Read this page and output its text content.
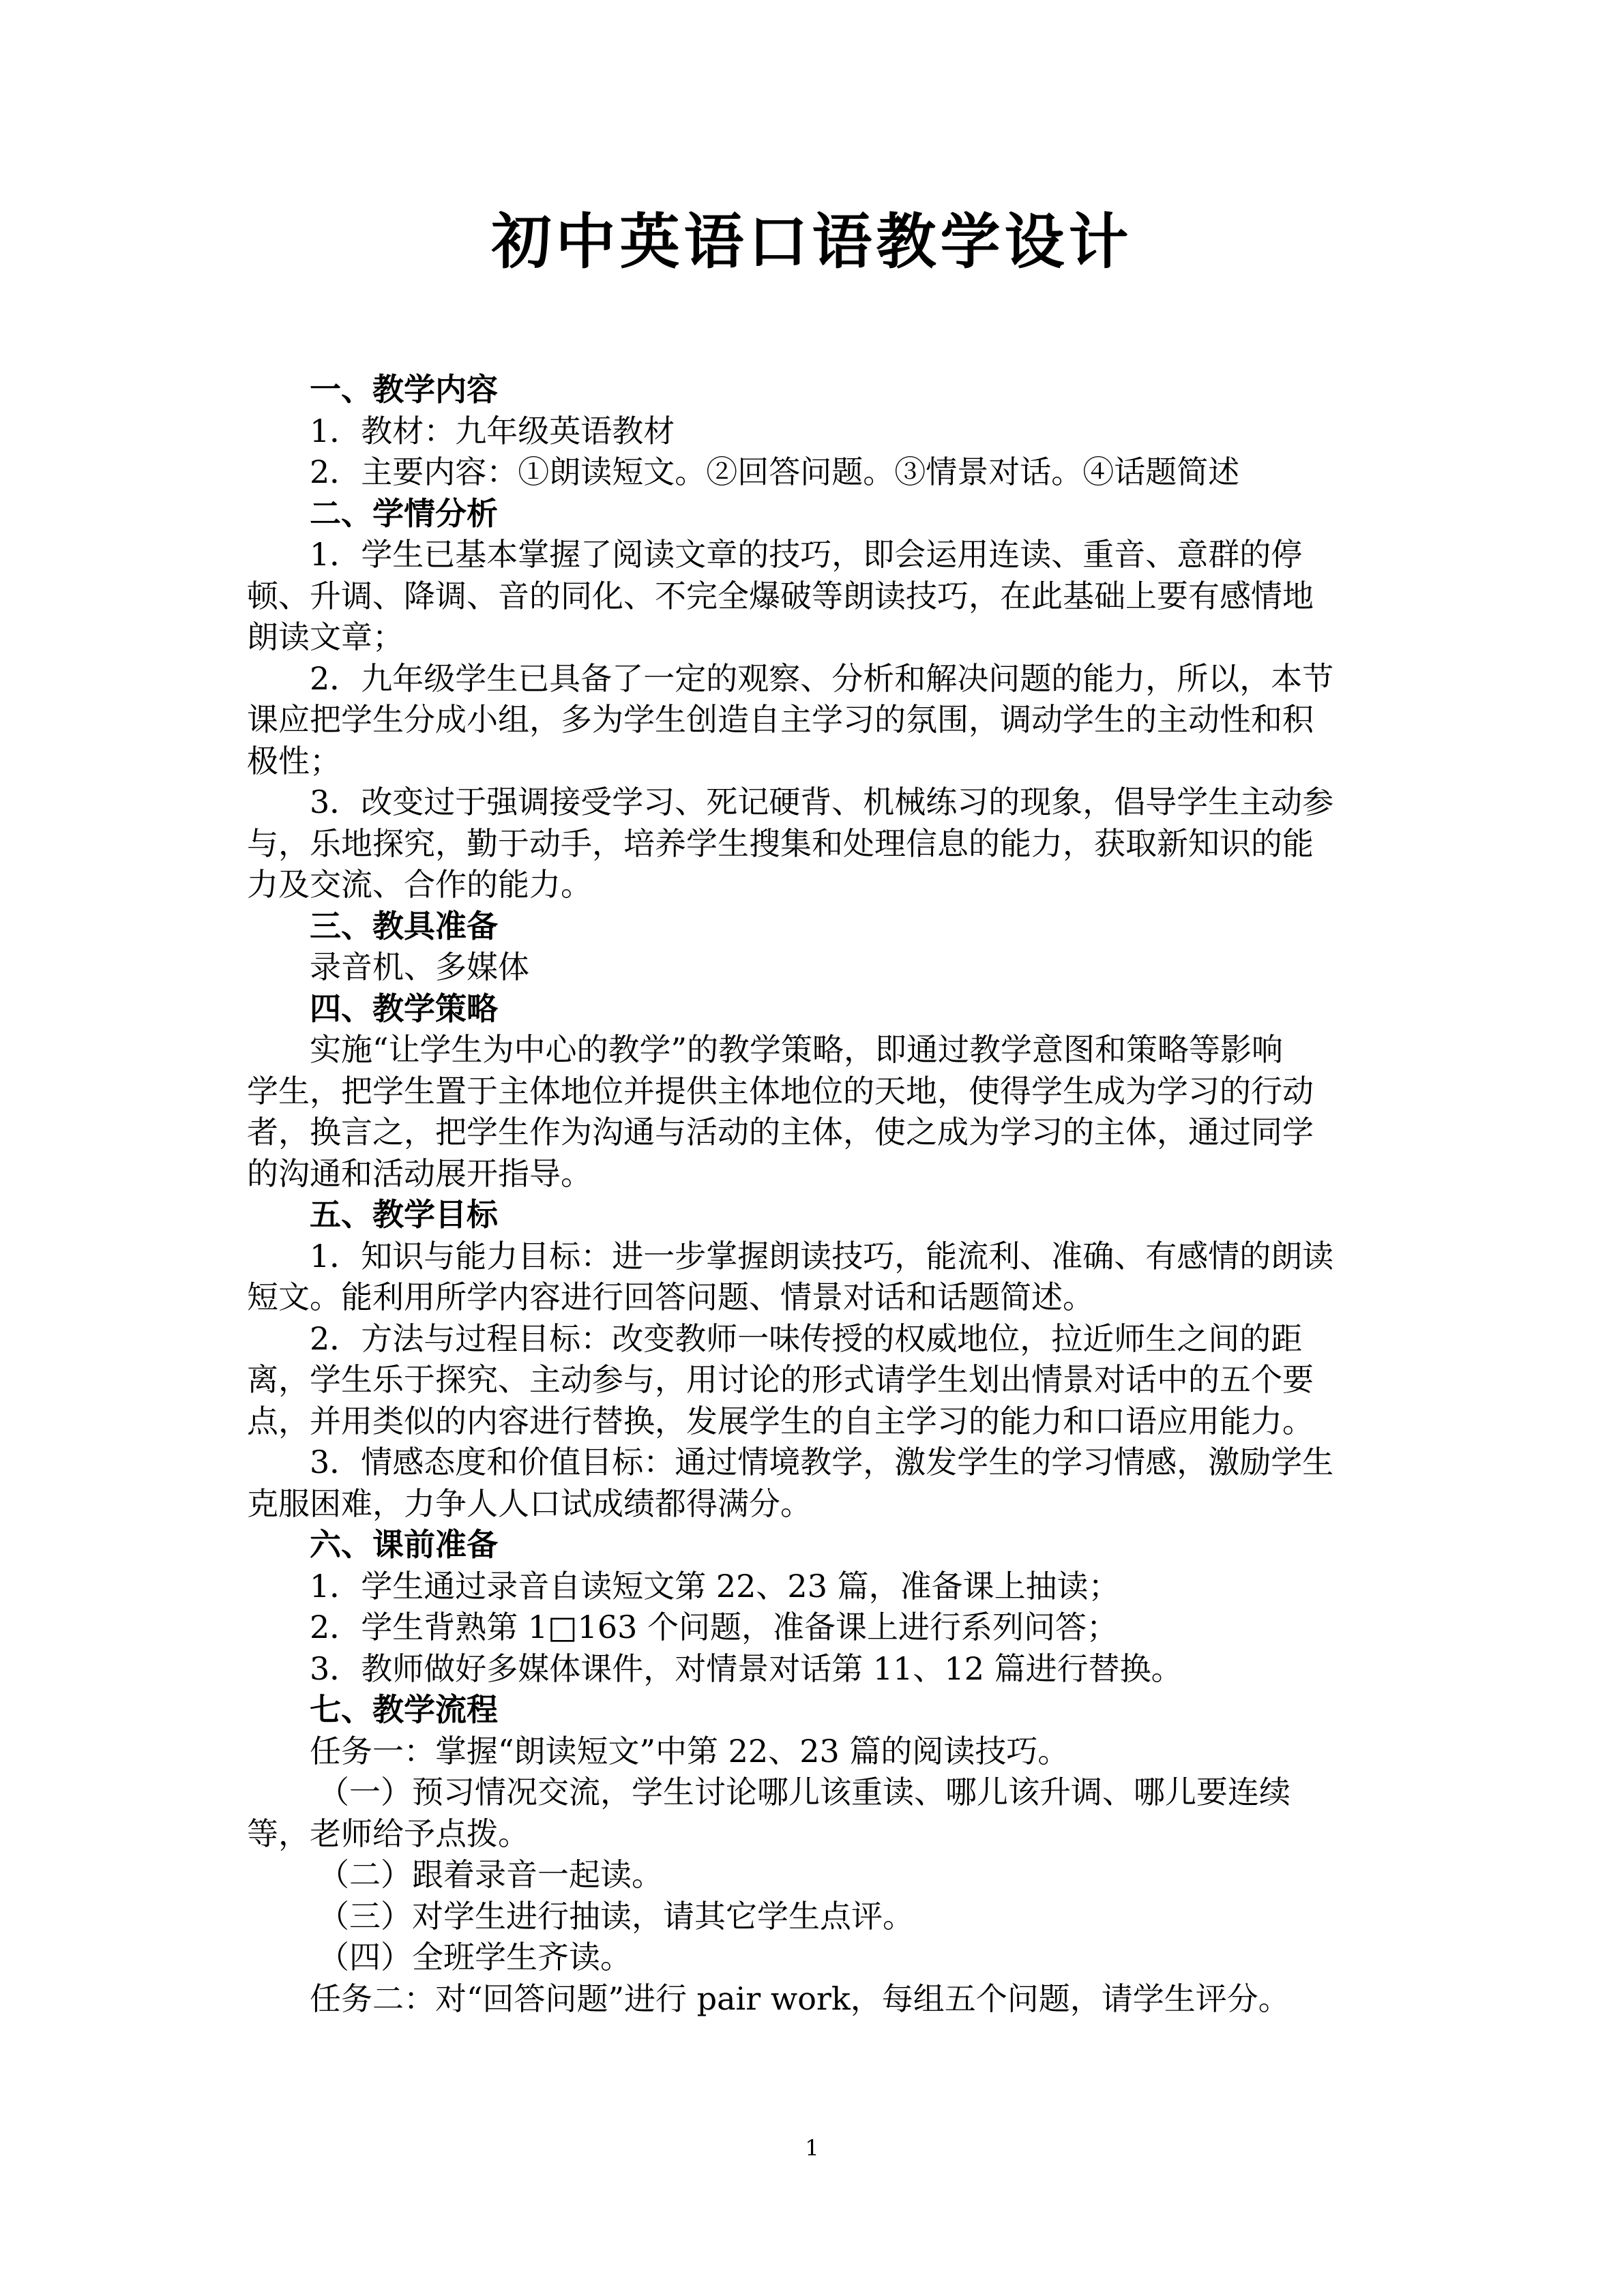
初中英语口语教学设计
一、教学内容
1．教材：九年级英语教材
2．主要内容：①朗读短文。②回答问题。③情景对话。④话题简述
二、学情分析
1．学生已基本掌握了阅读文章的技巧，即会运用连读、重音、意群的停
顿、升调、降调、音的同化、不完全爆破等朗读技巧，在此基础上要有感情地
朗读文章；
2．九年级学生已具备了一定的观察、分析和解决问题的能力，所以，本节
课应把学生分成小组，多为学生创造自主学习的氛围，调动学生的主动性和积
极性；
3．改变过于强调接受学习、死记硬背、机械练习的现象，倡导学生主动参
与，乐地探究，勤于动手，培养学生搜集和处理信息的能力，获取新知识的能
力及交流、合作的能力。
三、教具准备
录音机、多媒体
四、教学策略
实施“让学生为中心的教学”的教学策略，即通过教学意图和策略等影响
学生，把学生置于主体地位并提供主体地位的天地，使得学生成为学习的行动
者，换言之，把学生作为沟通与活动的主体，使之成为学习的主体，通过同学
的沟通和活动展开指导。
五、教学目标
1．知识与能力目标：进一步掌握朗读技巧，能流利、准确、有感情的朗读
短文。能利用所学内容进行回答问题、情景对话和话题简述。
2．方法与过程目标：改变教师一味传授的权威地位，拉近师生之间的距
离，学生乐于探究、主动参与，用讨论的形式请学生划出情景对话中的五个要
点，并用类似的内容进行替换，发展学生的自主学习的能力和口语应用能力。
3．情感态度和价值目标：通过情境教学，激发学生的学习情感，激励学生
克服困难，力争人人口试成绩都得满分。
六、课前准备
1．学生通过录音自读短文第 22、23 篇，准备课上抽读；
2．学生背熟第 1□163 个问题，准备课上进行系列问答；
3．教师做好多媒体课件，对情景对话第 11、12 篇进行替换。
七、教学流程
任务一：掌握“朗读短文”中第 22、23 篇的阅读技巧。
（一）预习情况交流，学生讨论哪儿该重读、哪儿该升调、哪儿要连续
等，老师给予点拨。
（二）跟着录音一起读。
（三）对学生进行抽读，请其它学生点评。
（四）全班学生齐读。
任务二：对“回答问题”进行 pair work，每组五个问题，请学生评分。
1
